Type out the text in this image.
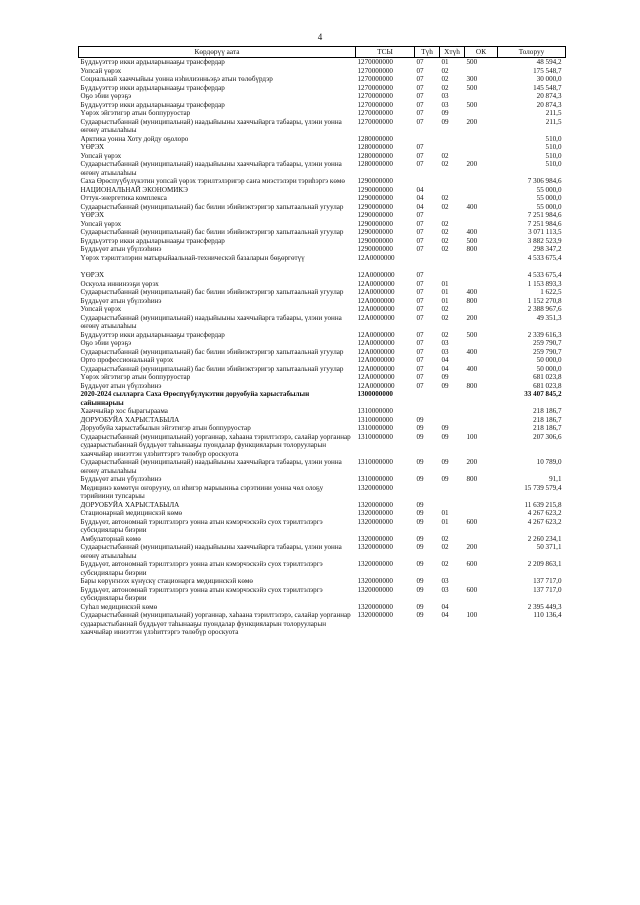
4
Көрдөрүү аата	ТСЫ	Түһ	Хтүһ	ОК	Толоруу
Бүддьүэттэр икки ардыларынааҕы трансфердар	1270000000	07	01	500	48 594,2
Уопсай үөрэх	1270000000	07	02		175 548,7
Социальнай хааччыйыы уонна нэһилиэнньэҕэ атын төлөбүрдэр	1270000000	07	02	300	30 000,0
Бүддьүэттэр икки ардыларынааҕы трансфердар	1270000000	07	02	500	145 548,7
Оҕо эбии үөрэҕэ	1270000000	07	03		20 874,3
Бүддьүэттэр икки ардыларынааҕы трансфердар	1270000000	07	03	500	20 874,3
Үөрэх эйгэтигэр атын боппуруостар	1270000000	07	09		211,5
Судаарыстыбаннай (муниципальнай) наадыйыыны хааччыйарга табаары, үлэни уонна өҥөнү атыылаһыы	1270000000	07	09	200	211,5
Арктика уонна Хоту дойду оҕолоро	1280000000				510,0
ҮӨРЭХ	1280000000	07			510,0
Уопсай үөрэх	1280000000	07	02		510,0
Судаарыстыбаннай (муниципальнай) наадыйыыны хааччыйарга табаары, үлэни уонна өҥөнү атыылаһыы	1280000000	07	02	200	510,0
Саха Өрөспүүбүлүкэтин уопсай үөрэх тэрилтэлэригэр саҥа миэстэлэри тэриһэргэ көмө	1290000000				7 306 984,6
НАЦИОНАЛЬНАЙ ЭКОНОМИКЭ	1290000000	04			55 000,0
Оттук-энергетика комплекса	1290000000	04	02		55 000,0
Судаарыстыбаннай (муниципальнай) бас билии эбийиэктэригэр хапытаальнай угуулар	1290000000	04	02	400	55 000,0
ҮӨРЭХ	1290000000	07			7 251 984,6
Уопсай үөрэх	1290000000	07	02		7 251 984,6
Судаарыстыбаннай (муниципальнай) бас билии эбийиэктэригэр хапытаальнай угуулар	1290000000	07	02	400	3 071 113,5
Бүддьүэттэр икки ардыларынааҕы трансфердар	1290000000	07	02	500	3 882 523,9
Бүддьүөт атын үбүлээһинэ	1290000000	07	02	800	298 347,2
Үөрэх тэрилтэлэрин матырыйаальнай-техническэй базаларын бөҕөргөтүү	12А0000000				4 533 675,4

ҮӨРЭХ	12А0000000	07			4 533 675,4
Оскуола иннинээҕи үөрэх	12А0000000	07	01		1 153 893,3
Судаарыстыбаннай (муниципальнай) бас билии эбийиэктэригэр хапытаальнай угуулар	12А0000000	07	01	400	1 622,5
Бүддьүөт атын үбүлээһинэ	12А0000000	07	01	800	1 152 270,8
Уопсай үөрэх	12А0000000	07	02		2 388 967,6
Судаарыстыбаннай (муниципальнай) наадыйыыны хааччыйарга табаары, үлэни уонна өҥөнү атыылаһыы	12А0000000	07	02	200	49 351,3
Бүддьүэттэр икки ардыларынааҕы трансфердар	12А0000000	07	02	500	2 339 616,3
Оҕо эбии үөрэҕэ	12А0000000	07	03		259 790,7
Судаарыстыбаннай (муниципальнай) бас билии эбийиэктэригэр хапытаальнай угуулар	12А0000000	07	03	400	259 790,7
Орто профессиональнай үөрэх	12А0000000	07	04		50 000,0
Судаарыстыбаннай (муниципальнай) бас билии эбийиэктэригэр хапытаальнай угуулар	12А0000000	07	04	400	50 000,0
Үөрэх эйгэтигэр атын боппуруостар	12А0000000	07	09		681 023,8
Бүддьүөт атын үбүлээһинэ	12А0000000	07	09	800	681 023,8
2020-2024 сылларга Саха Өрөспүүбүлүкэтин доруобуйа харыстабылын сайыннарыы	1300000000				33 407 845,2
Хааччыйар хос бырагыраама	1310000000				218 186,7
ДОРУОБУЙА ХАРЫСТАБЫЛА	1310000000	09			218 186,7
Доруобуйа харыстабылын эйгэтигэр атын боппуруостар	1310000000	09	09		218 186,7
Судаарыстыбаннай (муниципальнай) уорганнар, хаһаана тэрилтэлэрэ, салайар уорганнар судаарыстыбаннай бүддьүөт таһынааҕы пуондалар функцияларын толорууларын хааччыйар иниэттэн үлэһиттэргэ төлөбүр ороскуота	1310000000	09	09	100	207 306,6
Судаарыстыбаннай (муниципальнай) наадыйыыны хааччыйарга табаары, үлэни уонна өҥөнү атыылаһыы	1310000000	09	09	200	10 789,0
Бүддьүөт атын үбүлээһинэ	1310000000	09	09	800	91,1
Медицинэ көмөтүн оҥорууну, ол иһигэр марыынньа сэрэтиини уонна чөл олоҕу тэрийиини тупсарыы	1320000000				15 739 579,4
ДОРУОБУЙА ХАРЫСТАБЫЛА	1320000000	09			11 639 215,8
Стационарнай медицинскэй көмө	1320000000	09	01		4 267 623,2
Бүддьүөт, автономнай тэрилтэлэргэ уонна атын кэмэрчэскэйэ суох тэрилтэлэргэ субсидиялары биэрии	1320000000	09	01	600	4 267 623,2
Амбулаторнай көмө	1320000000	09	02		2 260 234,1
Судаарыстыбаннай (муниципальнай) наадыйыыны хааччыйарга табаары, үлэни уонна өҥөнү атыылаһыы	1320000000	09	02	200	50 371,1
Бүддьүөт, автономнай тэрилтэлэргэ уонна атын кэмэрчэскэйэ суох тэрилтэлэргэ субсидиялары биэрии	1320000000	09	02	600	2 209 863,1
Бары көрүҥнээх күнүскү стационарга медицинскэй көмө	1320000000	09	03		137 717,0
Бүддьүөт, автономнай тэрилтэлэргэ уонна атын кэмэрчэскэйэ суох тэрилтэлэргэ субсидиялары биэрии	1320000000	09	03	600	137 717,0
Суһал медицинскэй көмө	1320000000	09	04		2 395 449,3
Судаарыстыбаннай (муниципальнай) уорганнар, хаһаана тэрилтэлэрэ, салайар уорганнар судаарыстыбаннай бүддьүөт таһынааҕы пуондалар функцияларын толорууларын хааччыйар иниэттэн үлэһиттэргэ төлөбүр ороскуота	1320000000	09	04	100	110 136,4
